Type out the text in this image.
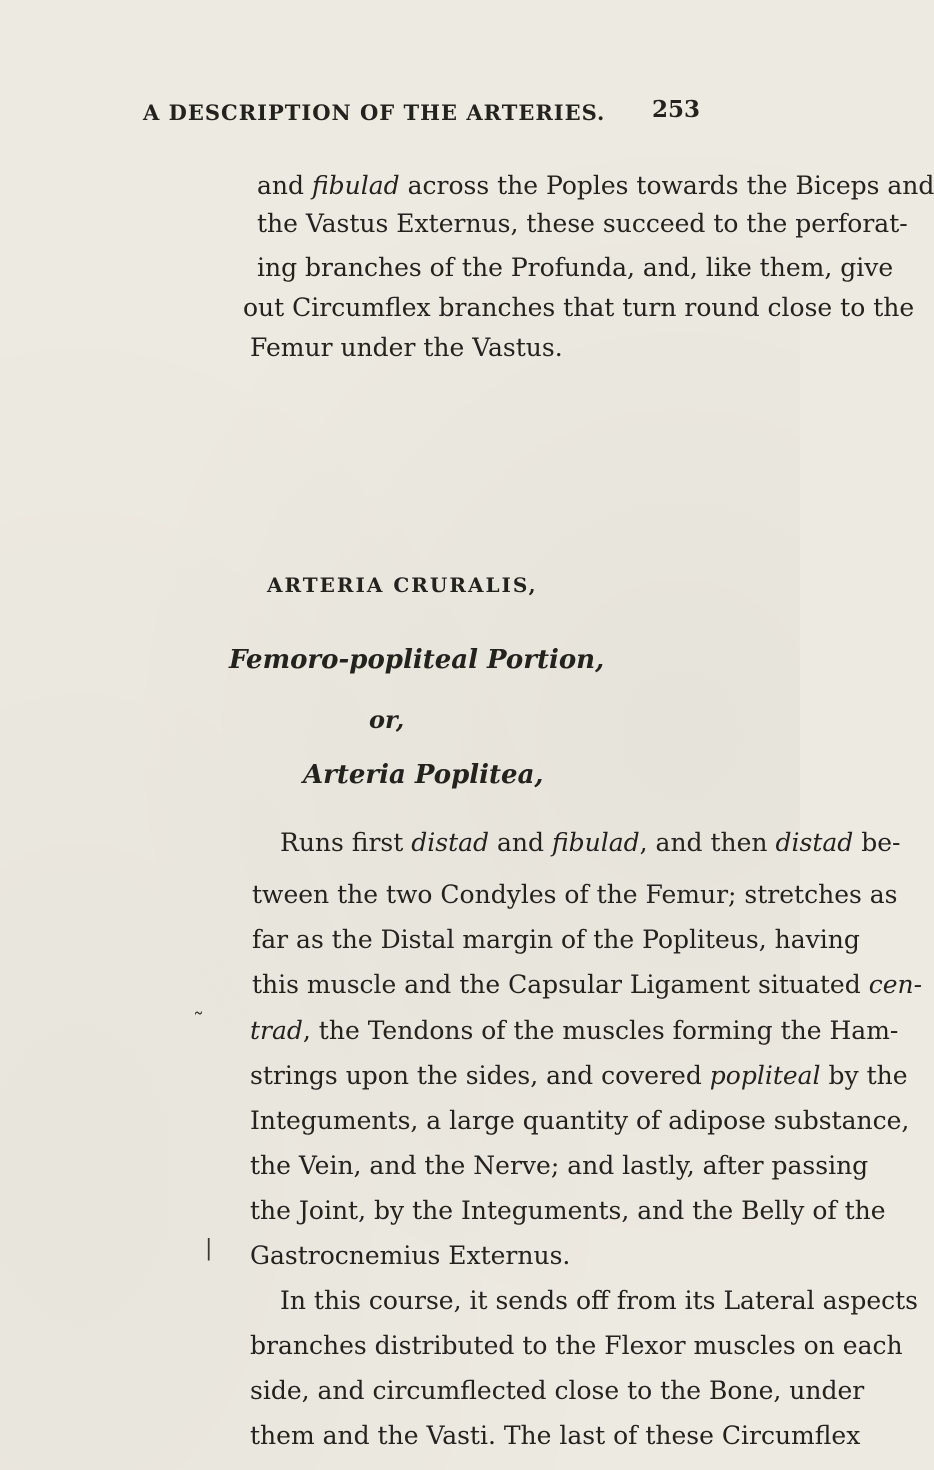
A DESCRIPTION OF THE ARTERIES.	253
and fibulad across the Poples towards the Biceps and
the Vastus Externus, these succeed to the perforat-
ing branches of the Profunda, and, like them, give
out Circumflex branches that turn round close to the
Femur under the Vastus.
ARTERIA CRURALIS,
Femoro-popliteal Portion,
or,
Arteria Poplitea,
Runs first distad and fibulad, and then distad be-
tween the two Condyles of the Femur; stretches as
far as the Distal margin of the Popliteus, having
this muscle and the Capsular Ligament situated cen-
trad, the Tendons of the muscles forming the Ham-
strings upon the sides, and covered popliteal by the
Integuments, a large quantity of adipose substance,
the Vein, and the Nerve; and lastly, after passing
the Joint, by the Integuments, and the Belly of the
Gastrocnemius Externus.
In this course, it sends off from its Lateral aspects
branches distributed to the Flexor muscles on each
side, and circumflected close to the Bone, under
them and the Vasti. The last of these Circumflex
˜
|
